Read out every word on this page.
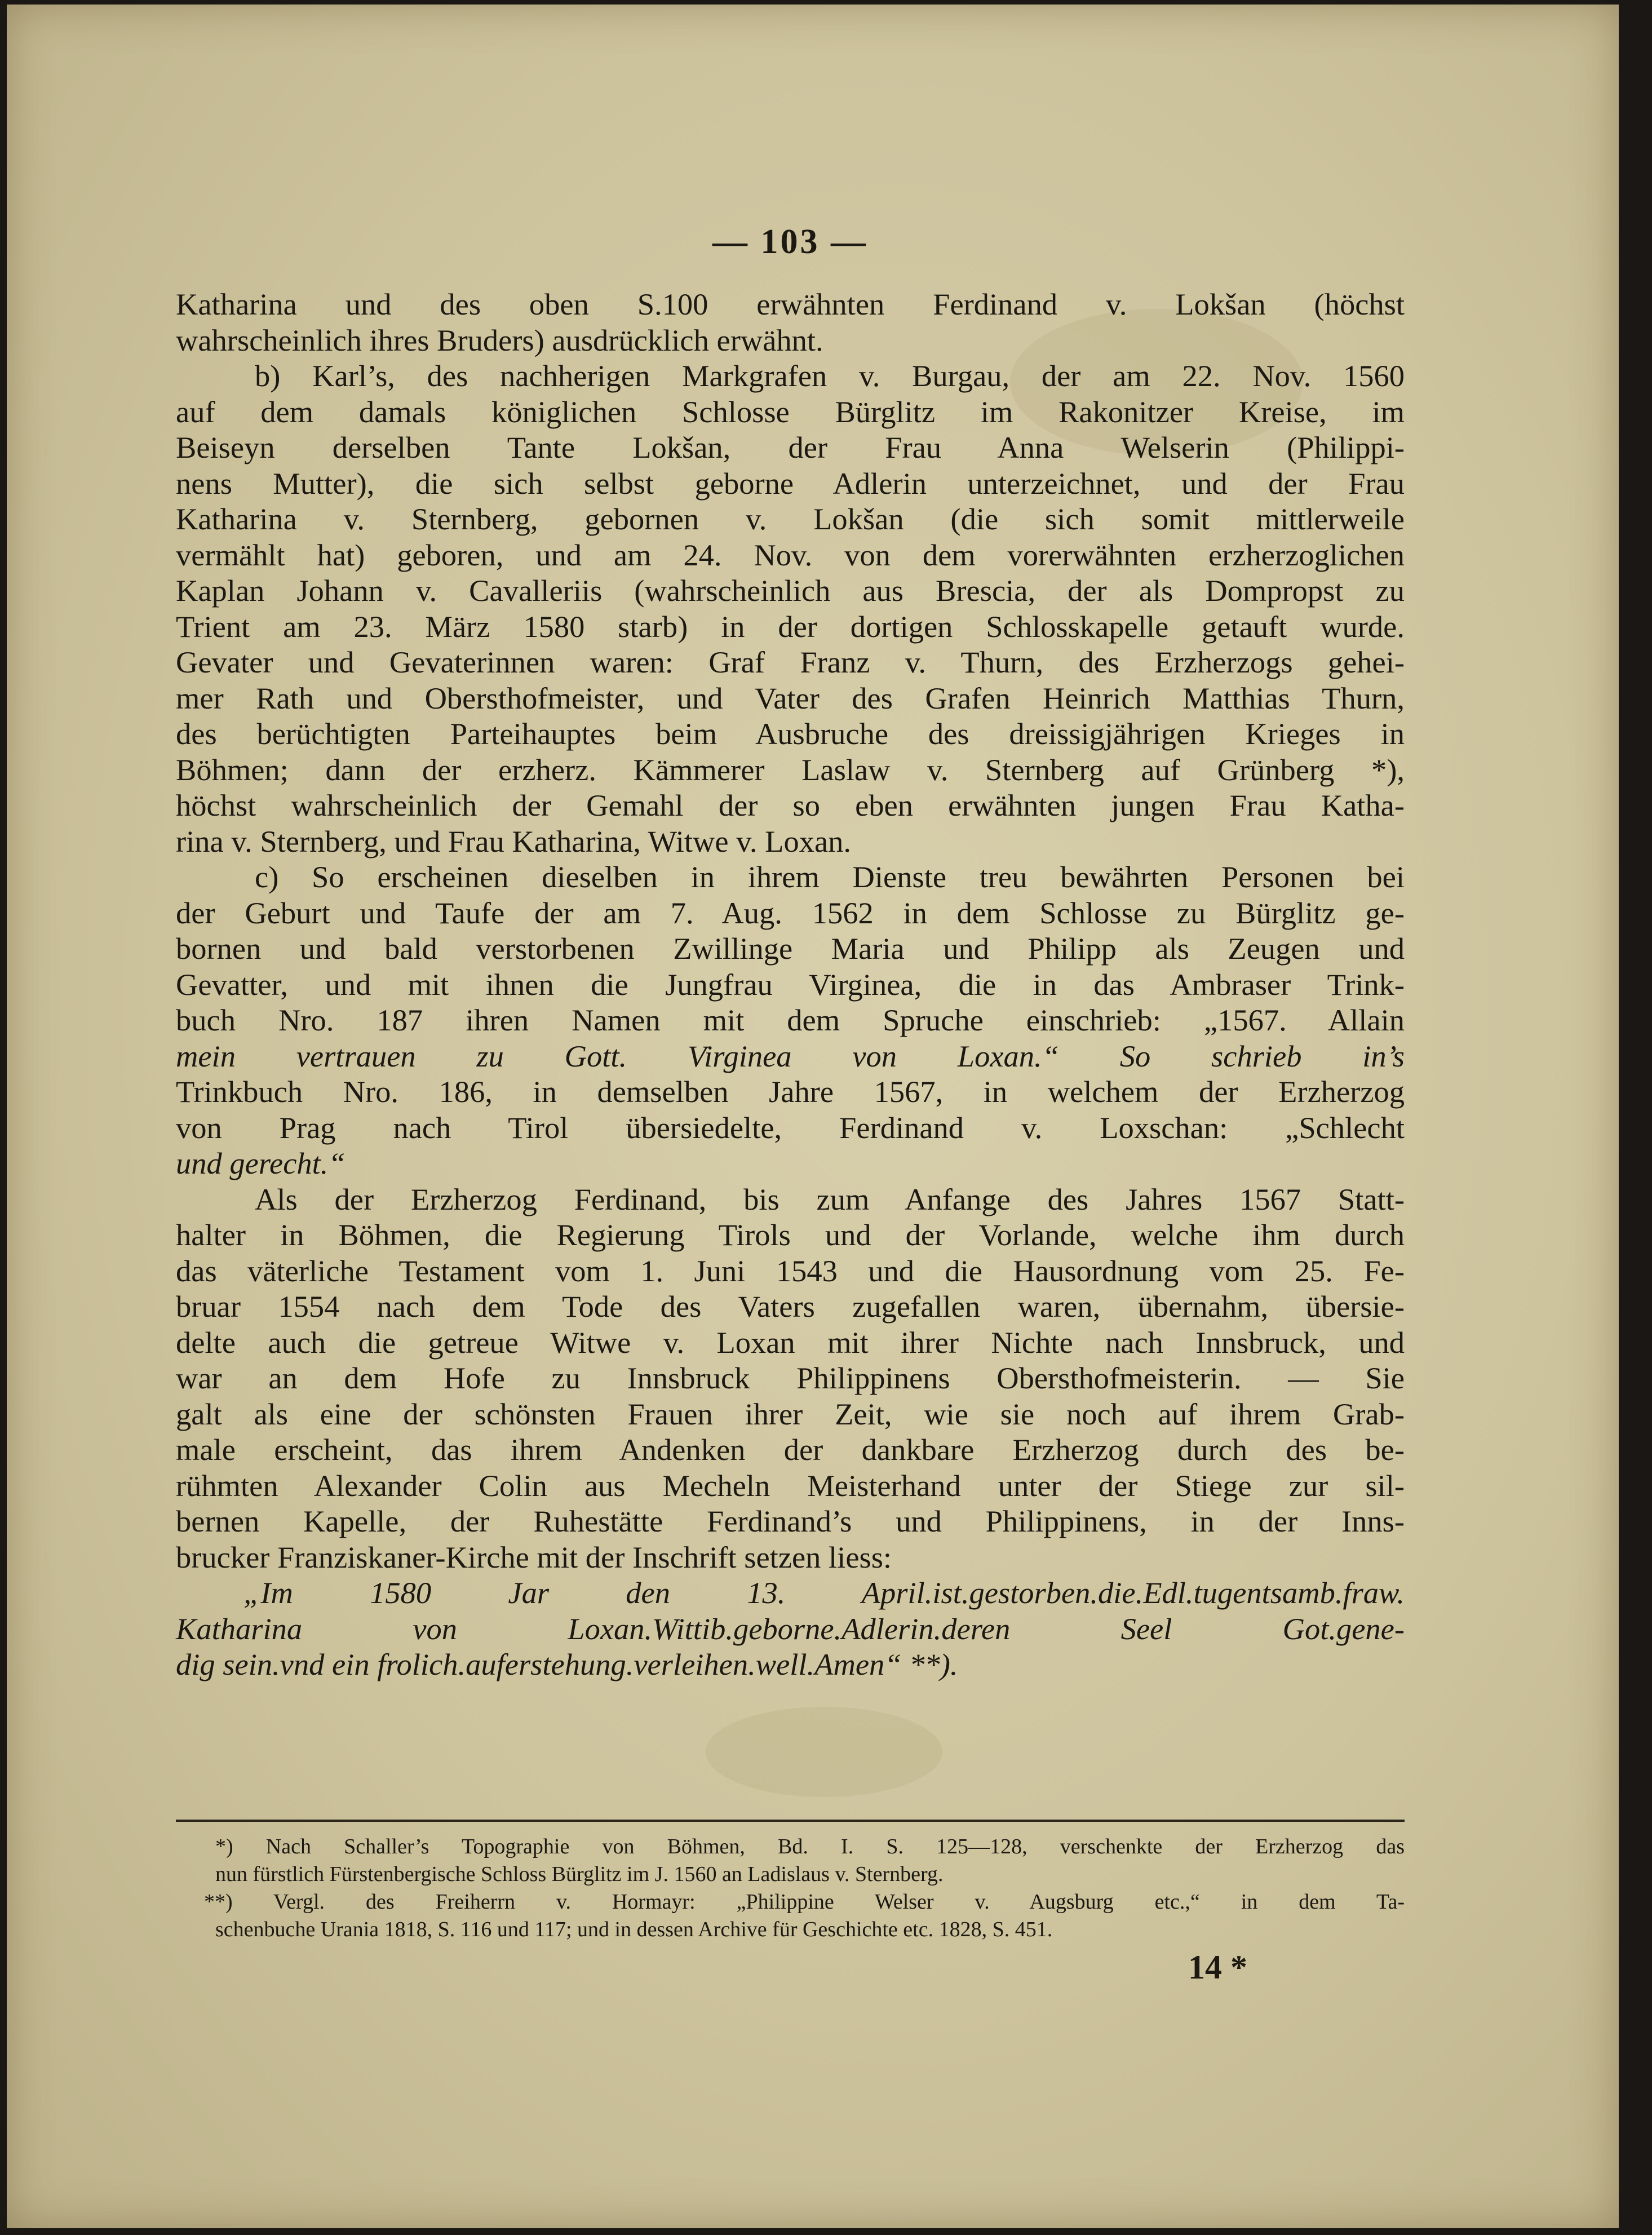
— 103 —
Katharina und des oben S.100 erwähnten Ferdinand v. Lokšan (höchst
wahrscheinlich ihres Bruders) ausdrücklich erwähnt.
b) Karl’s, des nachherigen Markgrafen v. Burgau, der am 22. Nov. 1560
auf dem damals königlichen Schlosse Bürglitz im Rakonitzer Kreise, im
Beiseyn derselben Tante Lokšan, der Frau Anna Welserin (Philippi-
nens Mutter), die sich selbst geborne Adlerin unterzeichnet, und der Frau
Katharina v. Sternberg, gebornen v. Lokšan (die sich somit mittlerweile
vermählt hat) geboren, und am 24. Nov. von dem vorerwähnten erzherzoglichen
Kaplan Johann v. Cavalleriis (wahrscheinlich aus Brescia, der als Dompropst zu
Trient am 23. März 1580 starb) in der dortigen Schlosskapelle getauft wurde.
Gevater und Gevaterinnen waren: Graf Franz v. Thurn, des Erzherzogs gehei-
mer Rath und Obersthofmeister, und Vater des Grafen Heinrich Matthias Thurn,
des berüchtigten Parteihauptes beim Ausbruche des dreissigjährigen Krieges in
Böhmen; dann der erzherz. Kämmerer Laslaw v. Sternberg auf Grünberg *),
höchst wahrscheinlich der Gemahl der so eben erwähnten jungen Frau Katha-
rina v. Sternberg, und Frau Katharina, Witwe v. Loxan.
c) So erscheinen dieselben in ihrem Dienste treu bewährten Personen bei
der Geburt und Taufe der am 7. Aug. 1562 in dem Schlosse zu Bürglitz ge-
bornen und bald verstorbenen Zwillinge Maria und Philipp als Zeugen und
Gevatter, und mit ihnen die Jungfrau Virginea, die in das Ambraser Trink-
buch Nro. 187 ihren Namen mit dem Spruche einschrieb: „1567. Allain
mein vertrauen zu Gott. Virginea von Loxan.“ So schrieb in’s
Trinkbuch Nro. 186, in demselben Jahre 1567, in welchem der Erzherzog
von Prag nach Tirol übersiedelte, Ferdinand v. Loxschan: „Schlecht
und gerecht.“
Als der Erzherzog Ferdinand, bis zum Anfange des Jahres 1567 Statt-
halter in Böhmen, die Regierung Tirols und der Vorlande, welche ihm durch
das väterliche Testament vom 1. Juni 1543 und die Hausordnung vom 25. Fe-
bruar 1554 nach dem Tode des Vaters zugefallen waren, übernahm, übersie-
delte auch die getreue Witwe v. Loxan mit ihrer Nichte nach Innsbruck, und
war an dem Hofe zu Innsbruck Philippinens Obersthofmeisterin. — Sie
galt als eine der schönsten Frauen ihrer Zeit, wie sie noch auf ihrem Grab-
male erscheint, das ihrem Andenken der dankbare Erzherzog durch des be-
rühmten Alexander Colin aus Mecheln Meisterhand unter der Stiege zur sil-
bernen Kapelle, der Ruhestätte Ferdinand’s und Philippinens, in der Inns-
brucker Franziskaner-Kirche mit der Inschrift setzen liess:
„Im 1580 Jar den 13. April.ist.gestorben.die.Edl.tugentsamb.fraw.
Katharina von Loxan.Wittib.geborne.Adlerin.deren Seel Got.gene-
dig sein.vnd ein frolich.auferstehung.verleihen.well.Amen“ **).
*) Nach Schaller’s Topographie von Böhmen, Bd. I. S. 125—128, verschenkte der Erzherzog das
nun fürstlich Fürstenbergische Schloss Bürglitz im J. 1560 an Ladislaus v. Sternberg.
**) Vergl. des Freiherrn v. Hormayr: „Philippine Welser v. Augsburg etc.,“ in dem Ta-
schenbuche Urania 1818, S. 116 und 117; und in dessen Archive für Geschichte etc. 1828, S. 451.
14 *
